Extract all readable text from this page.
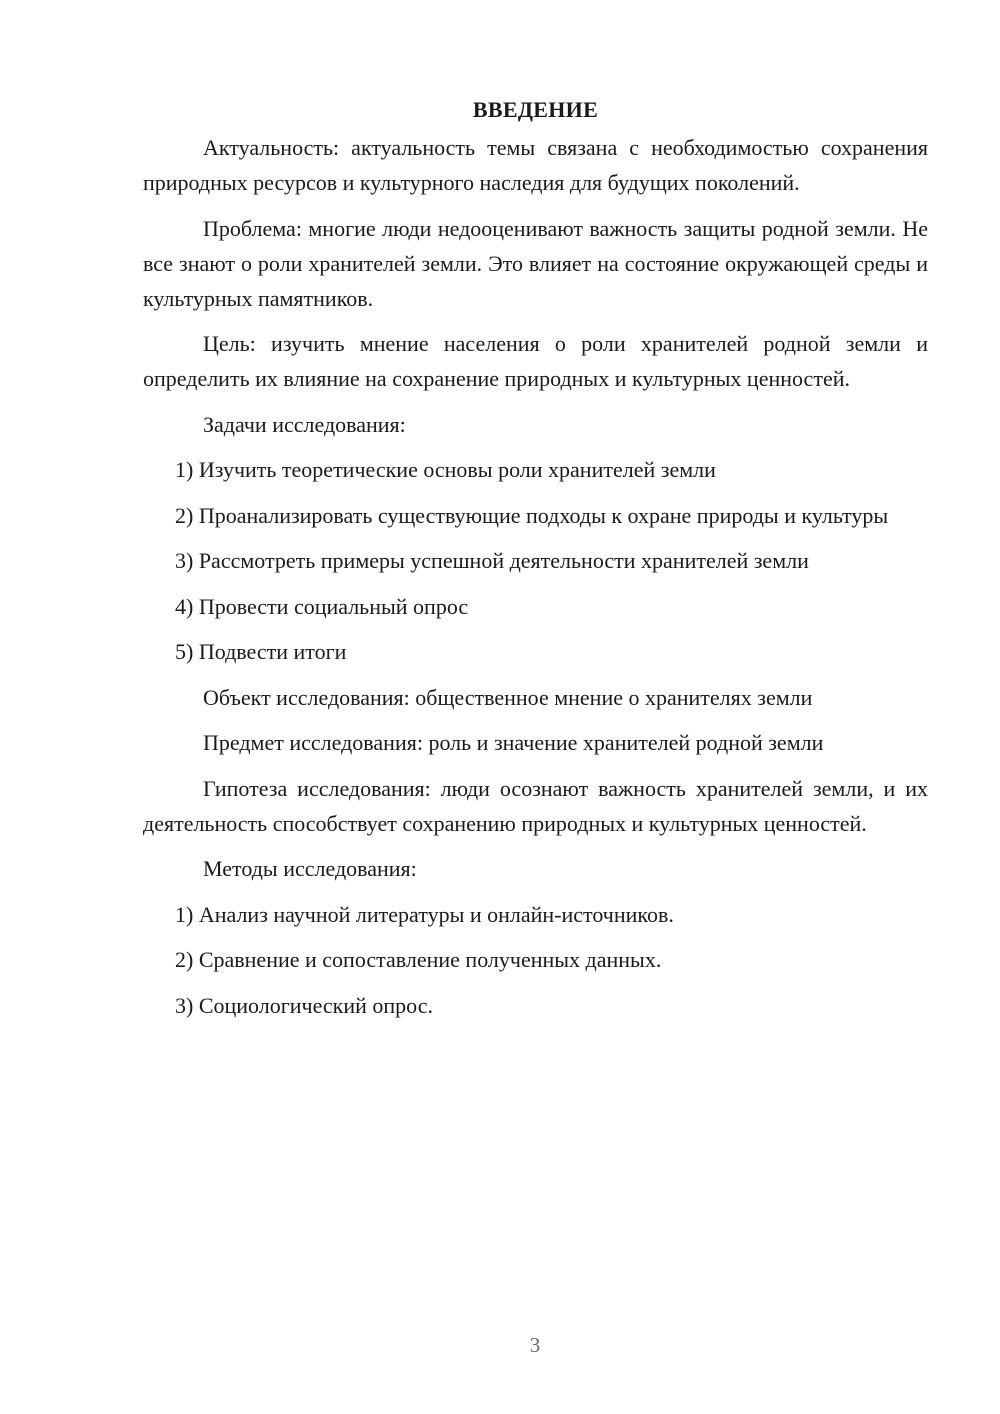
ВВЕДЕНИЕ

Актуальность: актуальность темы связана с необходимостью сохранения природных ресурсов и культурного наследия для будущих поколений.

Проблема: многие люди недооценивают важность защиты родной земли. Не все знают о роли хранителей земли. Это влияет на состояние окружающей среды и культурных памятников.

Цель: изучить мнение населения о роли хранителей родной земли и определить их влияние на сохранение природных и культурных ценностей.

Задачи исследования:

1) Изучить теоретические основы роли хранителей земли

2) Проанализировать существующие подходы к охране природы и культуры

3) Рассмотреть примеры успешной деятельности хранителей земли

4) Провести социальный опрос

5) Подвести итоги

Объект исследования: общественное мнение о хранителях земли

Предмет исследования: роль и значение хранителей родной земли

Гипотеза исследования: люди осознают важность хранителей земли, и их деятельность способствует сохранению природных и культурных ценностей.

Методы исследования:

1) Анализ научной литературы и онлайн-источников.

2) Сравнение и сопоставление полученных данных.

3) Социологический опрос.

3
